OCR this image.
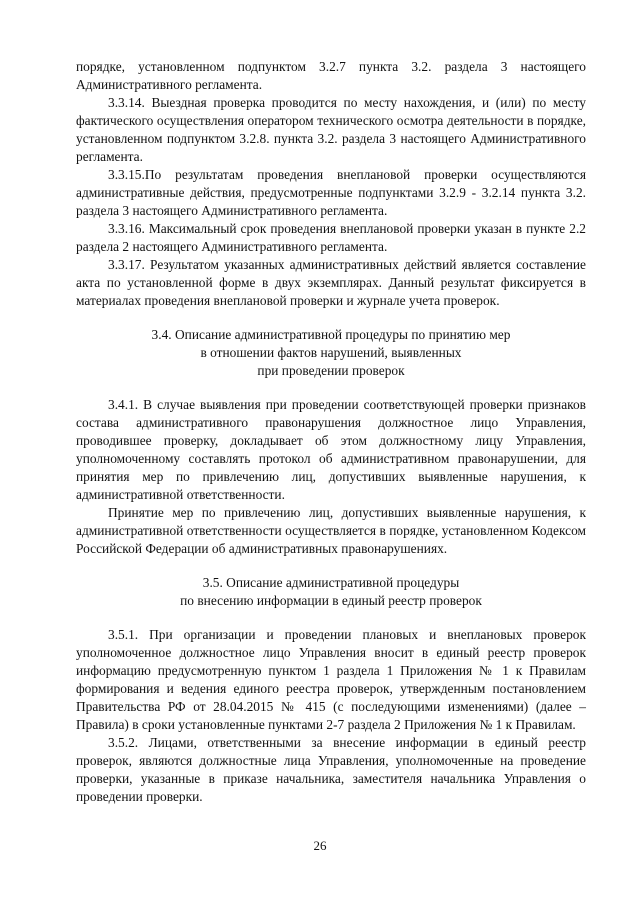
порядке, установленном подпунктом 3.2.7 пункта 3.2. раздела 3 настоящего Административного регламента.

3.3.14. Выездная проверка проводится по месту нахождения, и (или) по месту фактического осуществления оператором технического осмотра деятельности в порядке, установленном подпунктом 3.2.8. пункта 3.2. раздела 3 настоящего Административного регламента.

3.3.15.По результатам проведения внеплановой проверки осуществляются административные действия, предусмотренные подпунктами 3.2.9 - 3.2.14 пункта 3.2. раздела 3 настоящего Административного регламента.

3.3.16. Максимальный срок проведения внеплановой проверки указан в пункте 2.2 раздела 2 настоящего Административного регламента.

3.3.17. Результатом указанных административных действий является составление акта по установленной форме в двух экземплярах. Данный результат фиксируется в материалах проведения внеплановой проверки и журнале учета проверок.

3.4. Описание административной процедуры по принятию мер

в отношении фактов нарушений, выявленных

при проведении проверок

3.4.1. В случае выявления при проведении соответствующей проверки признаков состава административного правонарушения должностное лицо Управления, проводившее проверку, докладывает об этом должностному лицу Управления, уполномоченному составлять протокол об административном правонарушении, для принятия мер по привлечению лиц, допустивших выявленные нарушения, к административной ответственности.

Принятие мер по привлечению лиц, допустивших выявленные нарушения, к административной ответственности осуществляется в порядке, установленном Кодексом Российской Федерации об административных правонарушениях.

3.5. Описание административной процедуры

по внесению информации в единый реестр проверок

3.5.1. При организации и проведении плановых и внеплановых проверок уполномоченное должностное лицо Управления вносит в единый реестр проверок информацию предусмотренную пунктом 1 раздела 1 Приложения № 1 к Правилам формирования и ведения единого реестра проверок, утвержденным постановлением Правительства РФ от 28.04.2015 № 415 (с последующими изменениями) (далее – Правила) в сроки установленные пунктами 2-7 раздела 2 Приложения № 1 к Правилам.

3.5.2. Лицами, ответственными за внесение информации в единый реестр проверок, являются должностные лица Управления, уполномоченные на проведение проверки, указанные в приказе начальника, заместителя начальника Управления о проведении проверки.

26
